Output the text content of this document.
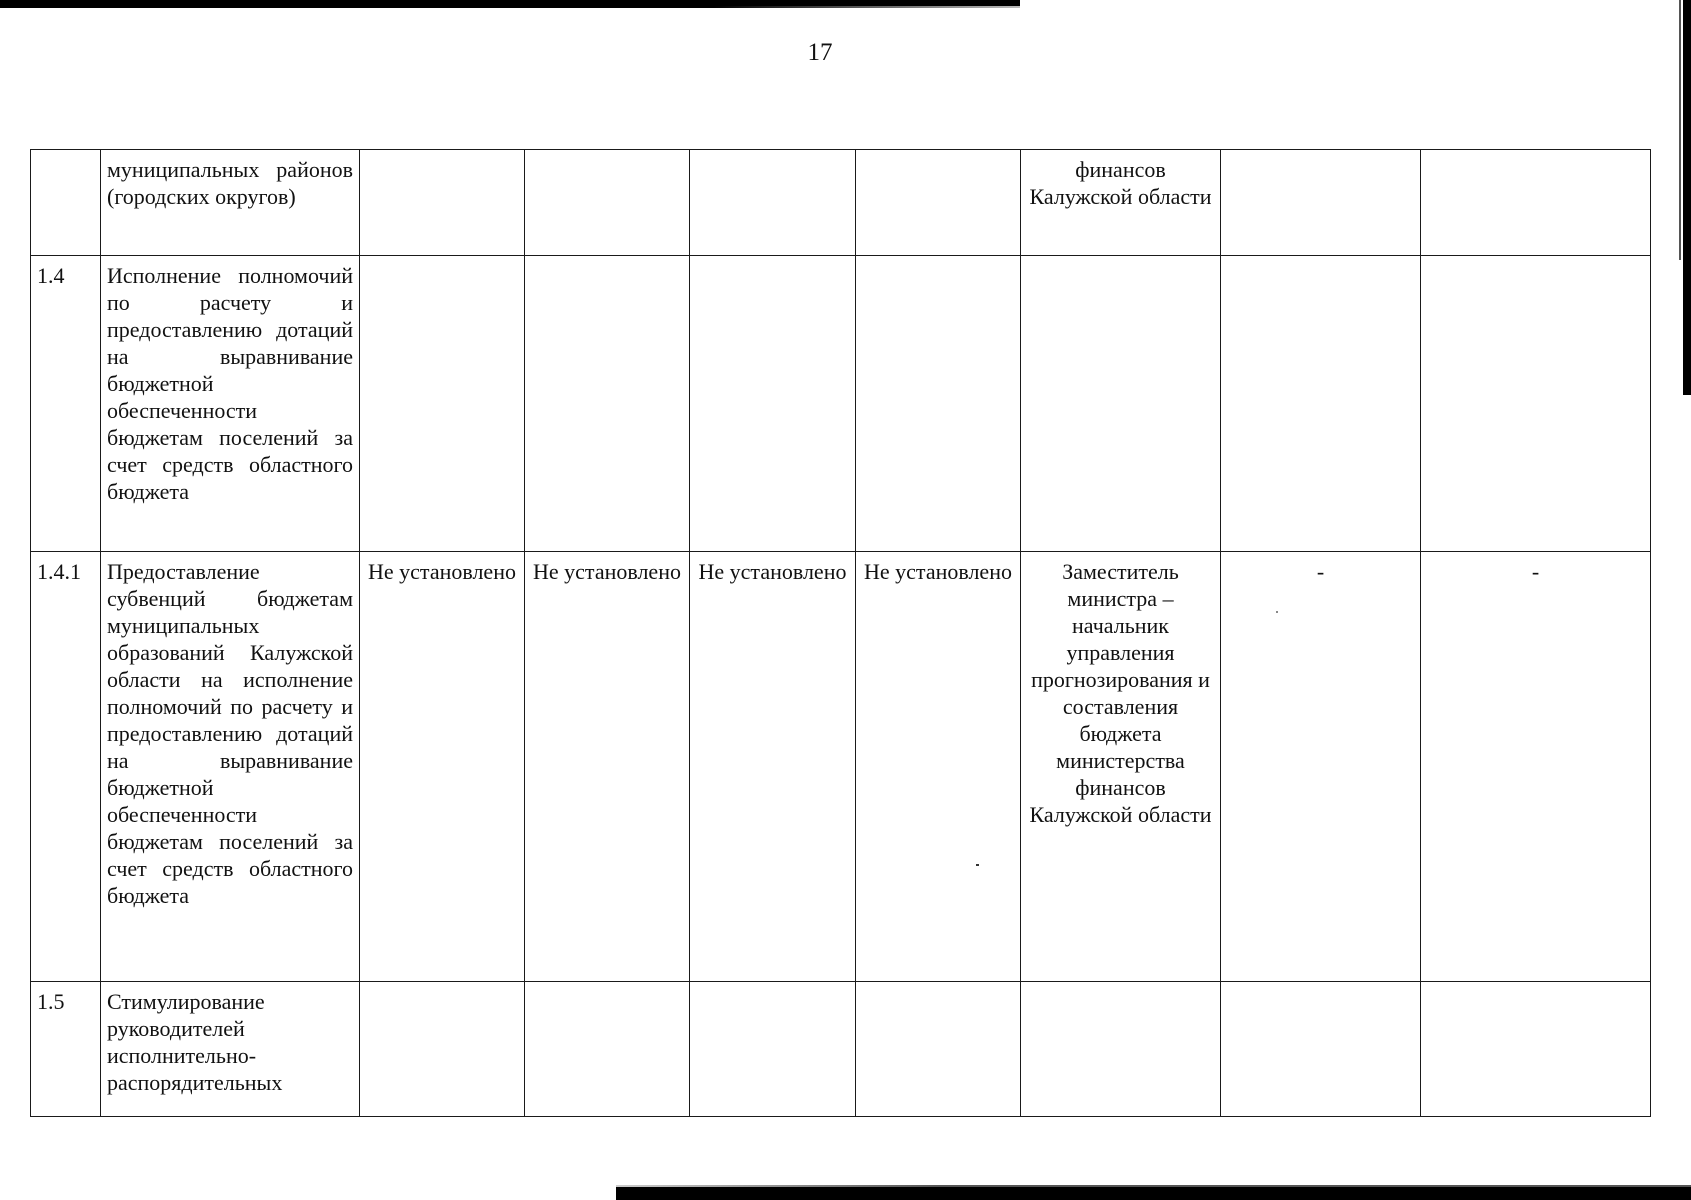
17
	муниципальных районов (городских округов)					финансов Калужской области		
1.4	Исполнение полномочий по расчету и предоставлению дотаций на выравнивание бюджетной обеспеченности бюджетам поселений за счет средств областного бюджета							
1.4.1	Предоставление субвенций бюджетам муниципальных образований Калужской области на исполнение полномочий по расчету и предоставлению дотаций на выравнивание бюджетной обеспеченности бюджетам поселений за счет средств областного бюджета	Не установлено	Не установлено	Не установлено	Не установлено	Заместитель министра – начальник управления прогнозирования и составления бюджета министерства финансов Калужской области	-	-
1.5	Стимулирование руководителей исполнительно-распорядительных							
